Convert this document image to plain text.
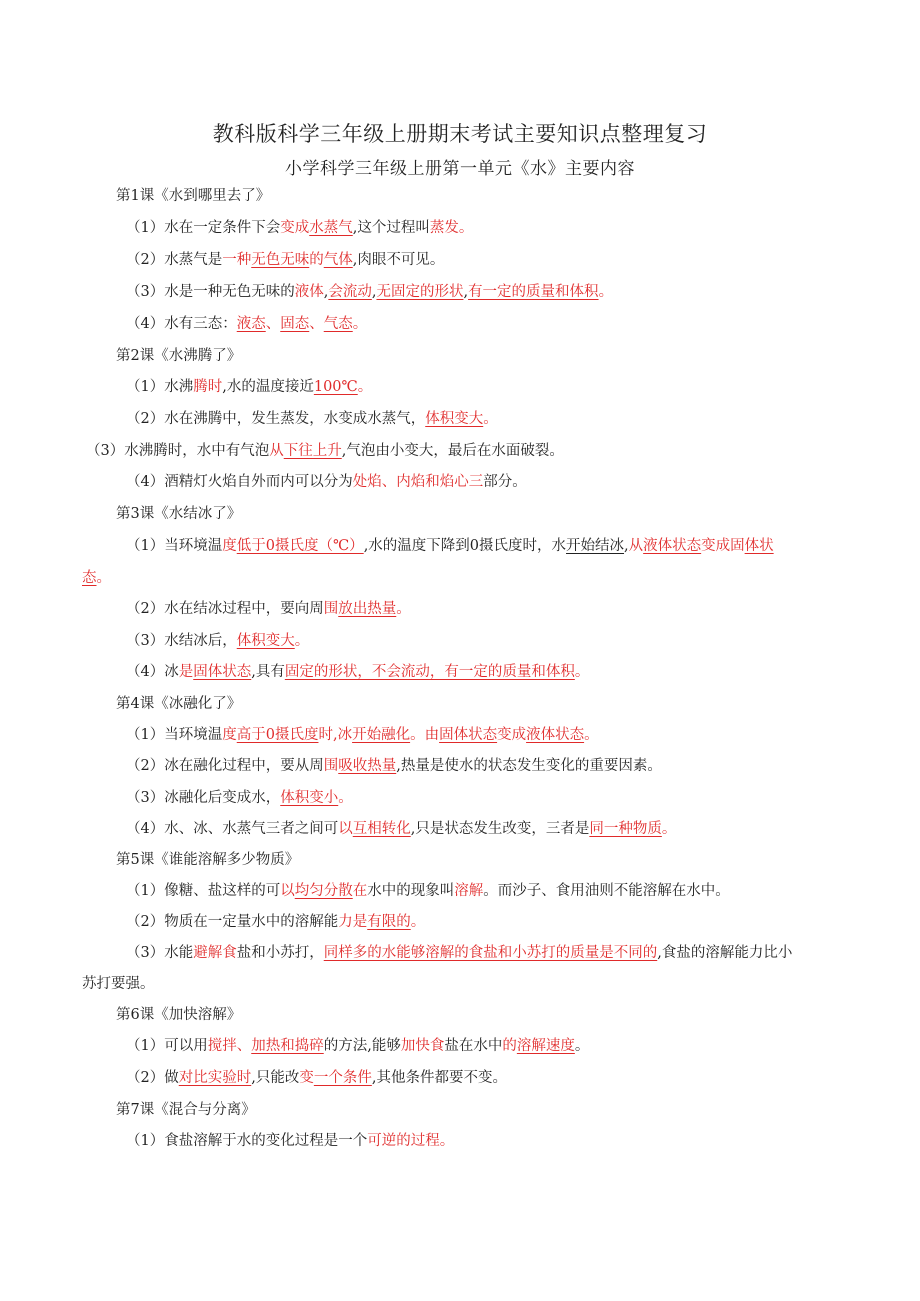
教科版科学三年级上册期末考试主要知识点整理复习
小学科学三年级上册第一单元《水》主要内容
第1课《水到哪里去了》
（1）水在一定条件下会变成水蒸气,这个过程叫蒸发。
（2）水蒸气是一种无色无味的气体,肉眼不可见。
（3）水是一种无色无味的液体,会流动,无固定的形状,有一定的质量和体积。
（4）水有三态：液态、固态、气态。
第2课《水沸腾了》
（1）水沸腾时,水的温度接近100℃。
（2）水在沸腾中，发生蒸发，水变成水蒸气，体积变大。
（3）水沸腾时，水中有气泡从下往上升,气泡由小变大，最后在水面破裂。
（4）酒精灯火焰自外而内可以分为处焰、内焰和焰心三部分。
第3课《水结冰了》
（1）当环境温度低于0摄氏度（℃）,水的温度下降到0摄氏度时，水开始结冰,从液体状态变成固体状
态。
（2）水在结冰过程中，要向周围放出热量。
（3）水结冰后，体积变大。
（4）冰是固体状态,具有固定的形状，不会流动，有一定的质量和体积。
第4课《冰融化了》
（1）当环境温度高于0摄氏度时,冰开始融化。由固体状态变成液体状态。
（2）冰在融化过程中，要从周围吸收热量,热量是使水的状态发生变化的重要因素。
（3）冰融化后变成水，体积变小。
（4）水、冰、水蒸气三者之间可以互相转化,只是状态发生改变，三者是同一种物质。
第5课《谁能溶解多少物质》
（1）像糖、盐这样的可以均匀分散在水中的现象叫溶解。而沙子、食用油则不能溶解在水中。
（2）物质在一定量水中的溶解能力是有限的。
（3）水能避解食盐和小苏打，同样多的水能够溶解的食盐和小苏打的质量是不同的,食盐的溶解能力比小
苏打要强。
第6课《加快溶解》
（1）可以用搅拌、加热和捣碎的方法,能够加快食盐在水中的溶解速度。
（2）做对比实验时,只能改变一个条件,其他条件都要不变。
第7课《混合与分离》
（1）食盐溶解于水的变化过程是一个可逆的过程。
